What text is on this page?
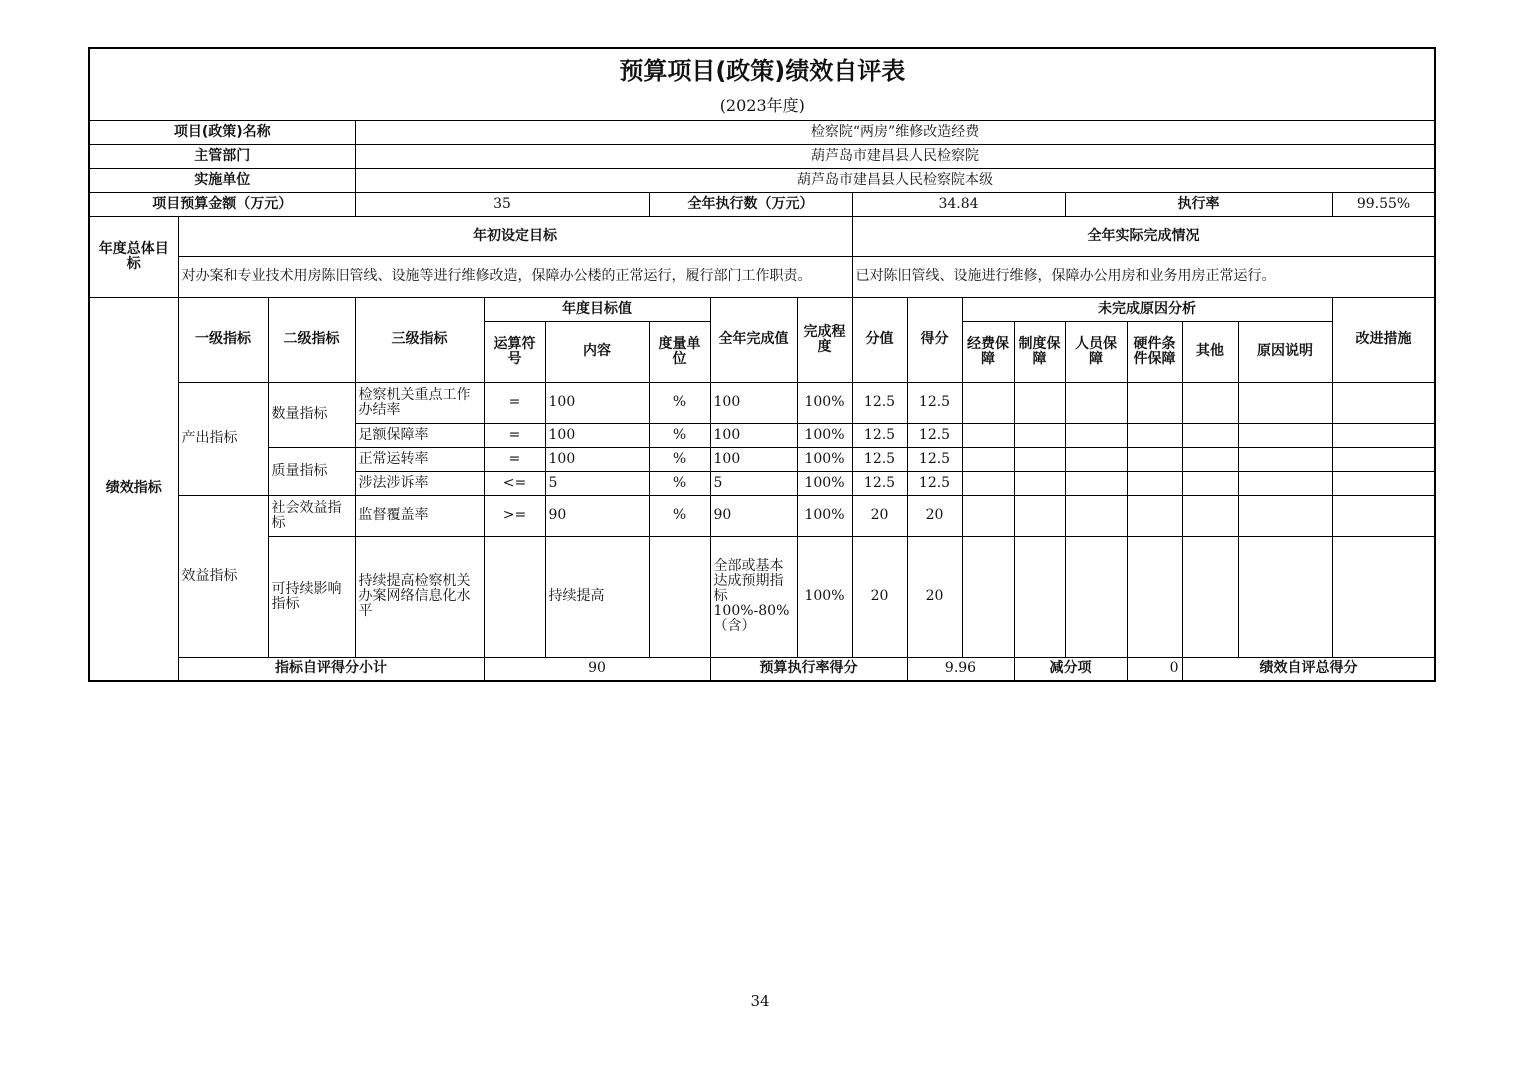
预算项目(政策)绩效自评表
(2023年度)																		

项目(政策)名称			检察院“两房”维修改造经费															
主管部门			葫芦岛市建昌县人民检察院															
实施单位			葫芦岛市建昌县人民检察院本级															
项目预算金额（万元）			35			全年执行数（万元）			34.84				执行率				99.55%	
年度总体目标	年初设定目标								全年实际完成情况									
	对办案和专业技术用房陈旧管线、设施等进行维修改造，保障办公楼的正常运行，履行部门工作职责。								已对陈旧管线、设施进行维修，保障办公用房和业务用房正常运行。									
绩效指标	一级指标	二级指标	三级指标	年度目标值			全年完成值	完成程度	分值	得分	未完成原因分析						改进措施	
				运算符号	内容	度量单位					经费保障	制度保障	人员保障	硬件条件保障	其他	原因说明		
	产出指标	数量指标	检察机关重点工作办结率	=	100	%	100	100%	12.5	12.5								
			足额保障率	=	100	%	100	100%	12.5	12.5								
		质量指标	正常运转率	=	100	%	100	100%	12.5	12.5								
			涉法涉诉率	<=	5	%	5	100%	12.5	12.5								
	效益指标	社会效益指标	监督覆盖率	>=	90	%	90	100%	20	20								
		可持续影响指标	持续提高检察机关办案网络信息化水平		持续提高		全部或基本达成预期指标100%-80%（含）	100%	20	20								
	指标自评得分小计			90			预算执行率得分			9.96		减分项		0	绩效自评总得分	
34
